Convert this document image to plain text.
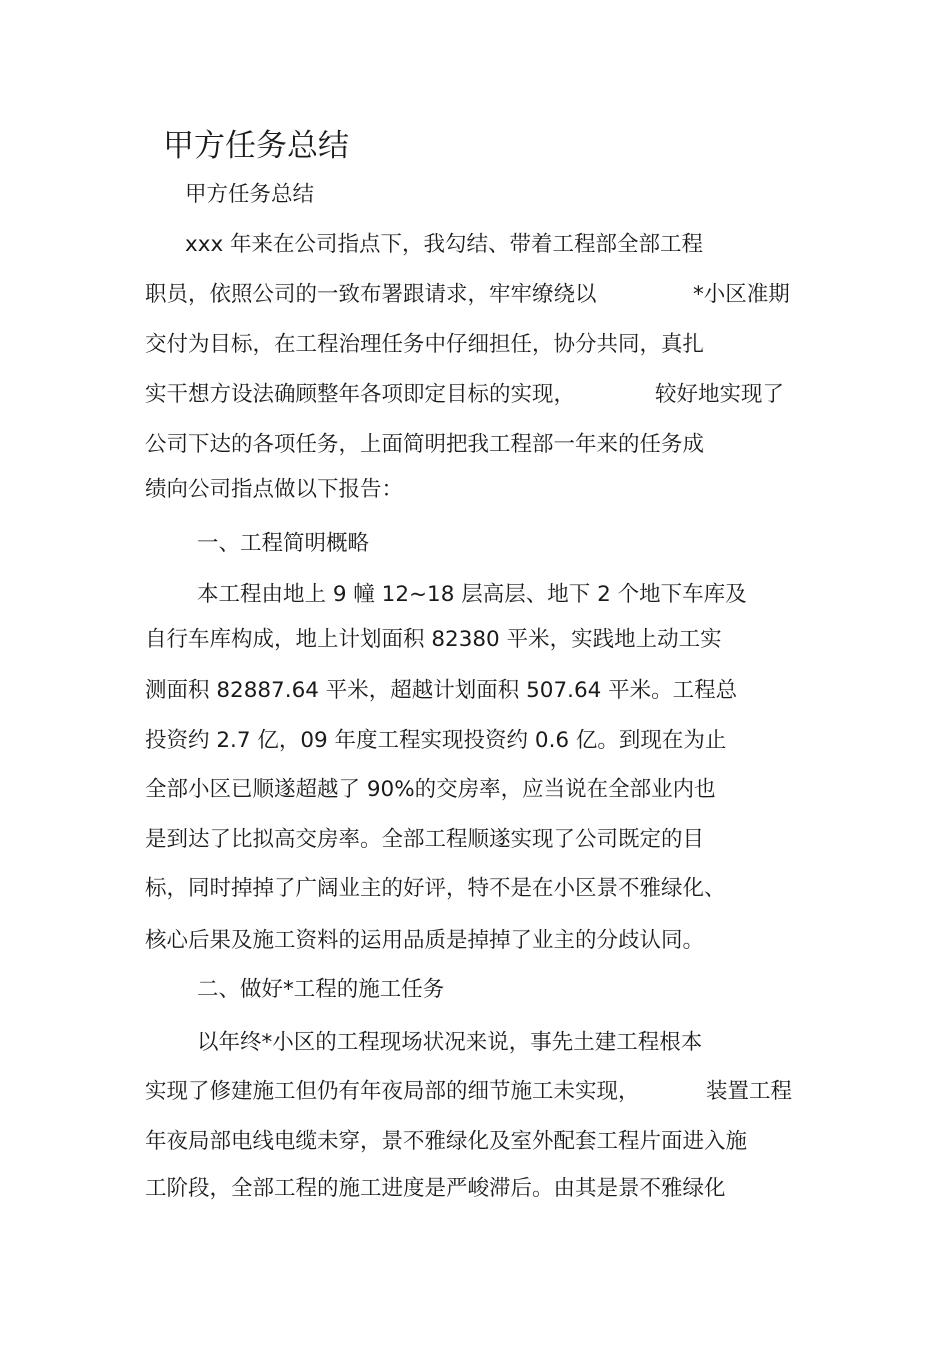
甲方任务总结

甲方任务总结

xxx 年来在公司指点下，我勾结、带着工程部全部工程

职员，依照公司的一致布署跟请求，牢牢缭绕以	*小区准期

交付为目标，在工程治理任务中仔细担任，协分共同，真扎

实干想方设法确顾整年各项即定目标的实现，	较好地实现了

公司下达的各项任务，上面简明把我工程部一年来的任务成

绩向公司指点做以下报告：

一、工程简明概略

本工程由地上 9 幢 12~18 层高层、地下 2 个地下车库及

自行车库构成，地上计划面积 82380 平米，实践地上动工实

测面积 82887.64 平米，超越计划面积 507.64 平米。工程总

投资约 2.7 亿，09 年度工程实现投资约 0.6 亿。到现在为止

全部小区已顺遂超越了 90%的交房率，应当说在全部业内也

是到达了比拟高交房率。全部工程顺遂实现了公司既定的目

标，同时掉掉了广阔业主的好评，特不是在小区景不雅绿化、

核心后果及施工资料的运用品质是掉掉了业主的分歧认同。

二、做好*工程的施工任务

以年终*小区的工程现场状况来说，事先土建工程根本

实现了修建施工但仍有年夜局部的细节施工未实现，	装置工程

年夜局部电线电缆未穿，景不雅绿化及室外配套工程片面进入施

工阶段，全部工程的施工进度是严峻滞后。由其是景不雅绿化
